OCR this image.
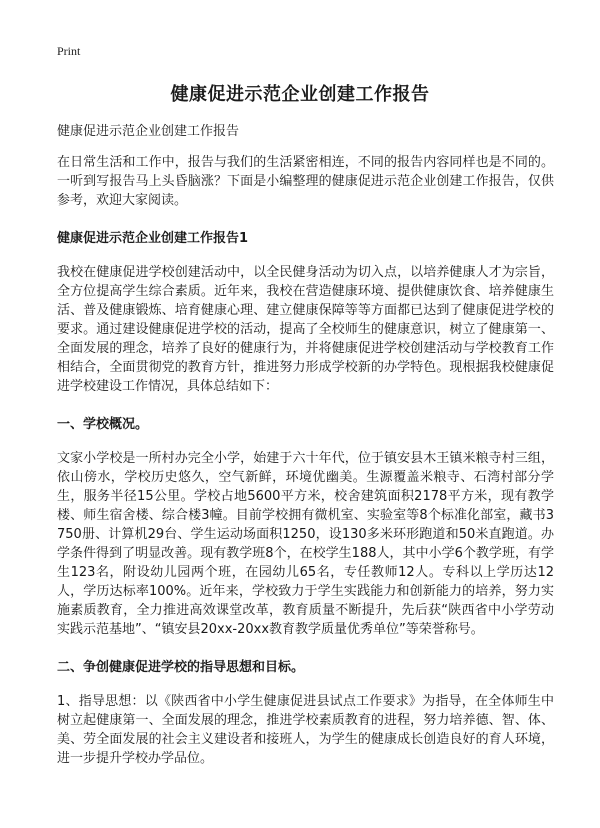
Print
健康促进示范企业创建工作报告

健康促进示范企业创建工作报告

在日常生活和工作中，报告与我们的生活紧密相连，不同的报告内容同样也是不同的。一听到写报告马上头昏脑涨？下面是小编整理的健康促进示范企业创建工作报告，仅供参考，欢迎大家阅读。

健康促进示范企业创建工作报告1

我校在健康促进学校创建活动中，以全民健身活动为切入点，以培养健康人才为宗旨，全方位提高学生综合素质。近年来，我校在营造健康环境、提供健康饮食、培养健康生活、普及健康锻炼、培育健康心理、建立健康保障等等方面都已达到了健康促进学校的要求。通过建设健康促进学校的活动，提高了全校师生的健康意识，树立了健康第一、全面发展的理念，培养了良好的健康行为，并将健康促进学校创建活动与学校教育工作相结合，全面贯彻党的教育方针，推进努力形成学校新的办学特色。现根据我校健康促进学校建设工作情况，具体总结如下：

一、学校概况。

文家小学校是一所村办完全小学，始建于六十年代，位于镇安县木王镇米粮寺村三组，依山傍水，学校历史悠久，空气新鲜，环境优幽美。生源覆盖米粮寺、石湾村部分学生，服务半径15公里。学校占地5600平方米，校舍建筑面积2178平方米，现有教学楼、师生宿舍楼、综合楼3幢。目前学校拥有微机室、实验室等8个标准化部室，藏书3750册、计算机29台、学生运动场面积1250，设130多米环形跑道和50米直跑道。办学条件得到了明显改善。现有教学班8个，在校学生188人，其中小学6个教学班，有学生123名，附设幼儿园两个班，在园幼儿65名，专任教师12人。专科以上学历达12人，学历达标率100%。近年来，学校致力于学生实践能力和创新能力的培养，努力实施素质教育，全力推进高效课堂改革，教育质量不断提升，先后获“陕西省中小学劳动实践示范基地”、“镇安县20xx-20xx教育教学质量优秀单位”等荣誉称号。

二、争创健康促进学校的指导思想和目标。

1、指导思想：以《陕西省中小学生健康促进县试点工作要求》为指导，在全体师生中树立起健康第一、全面发展的理念，推进学校素质教育的进程，努力培养德、智、体、美、劳全面发展的社会主义建设者和接班人，为学生的健康成长创造良好的育人环境，进一步提升学校办学品位。
